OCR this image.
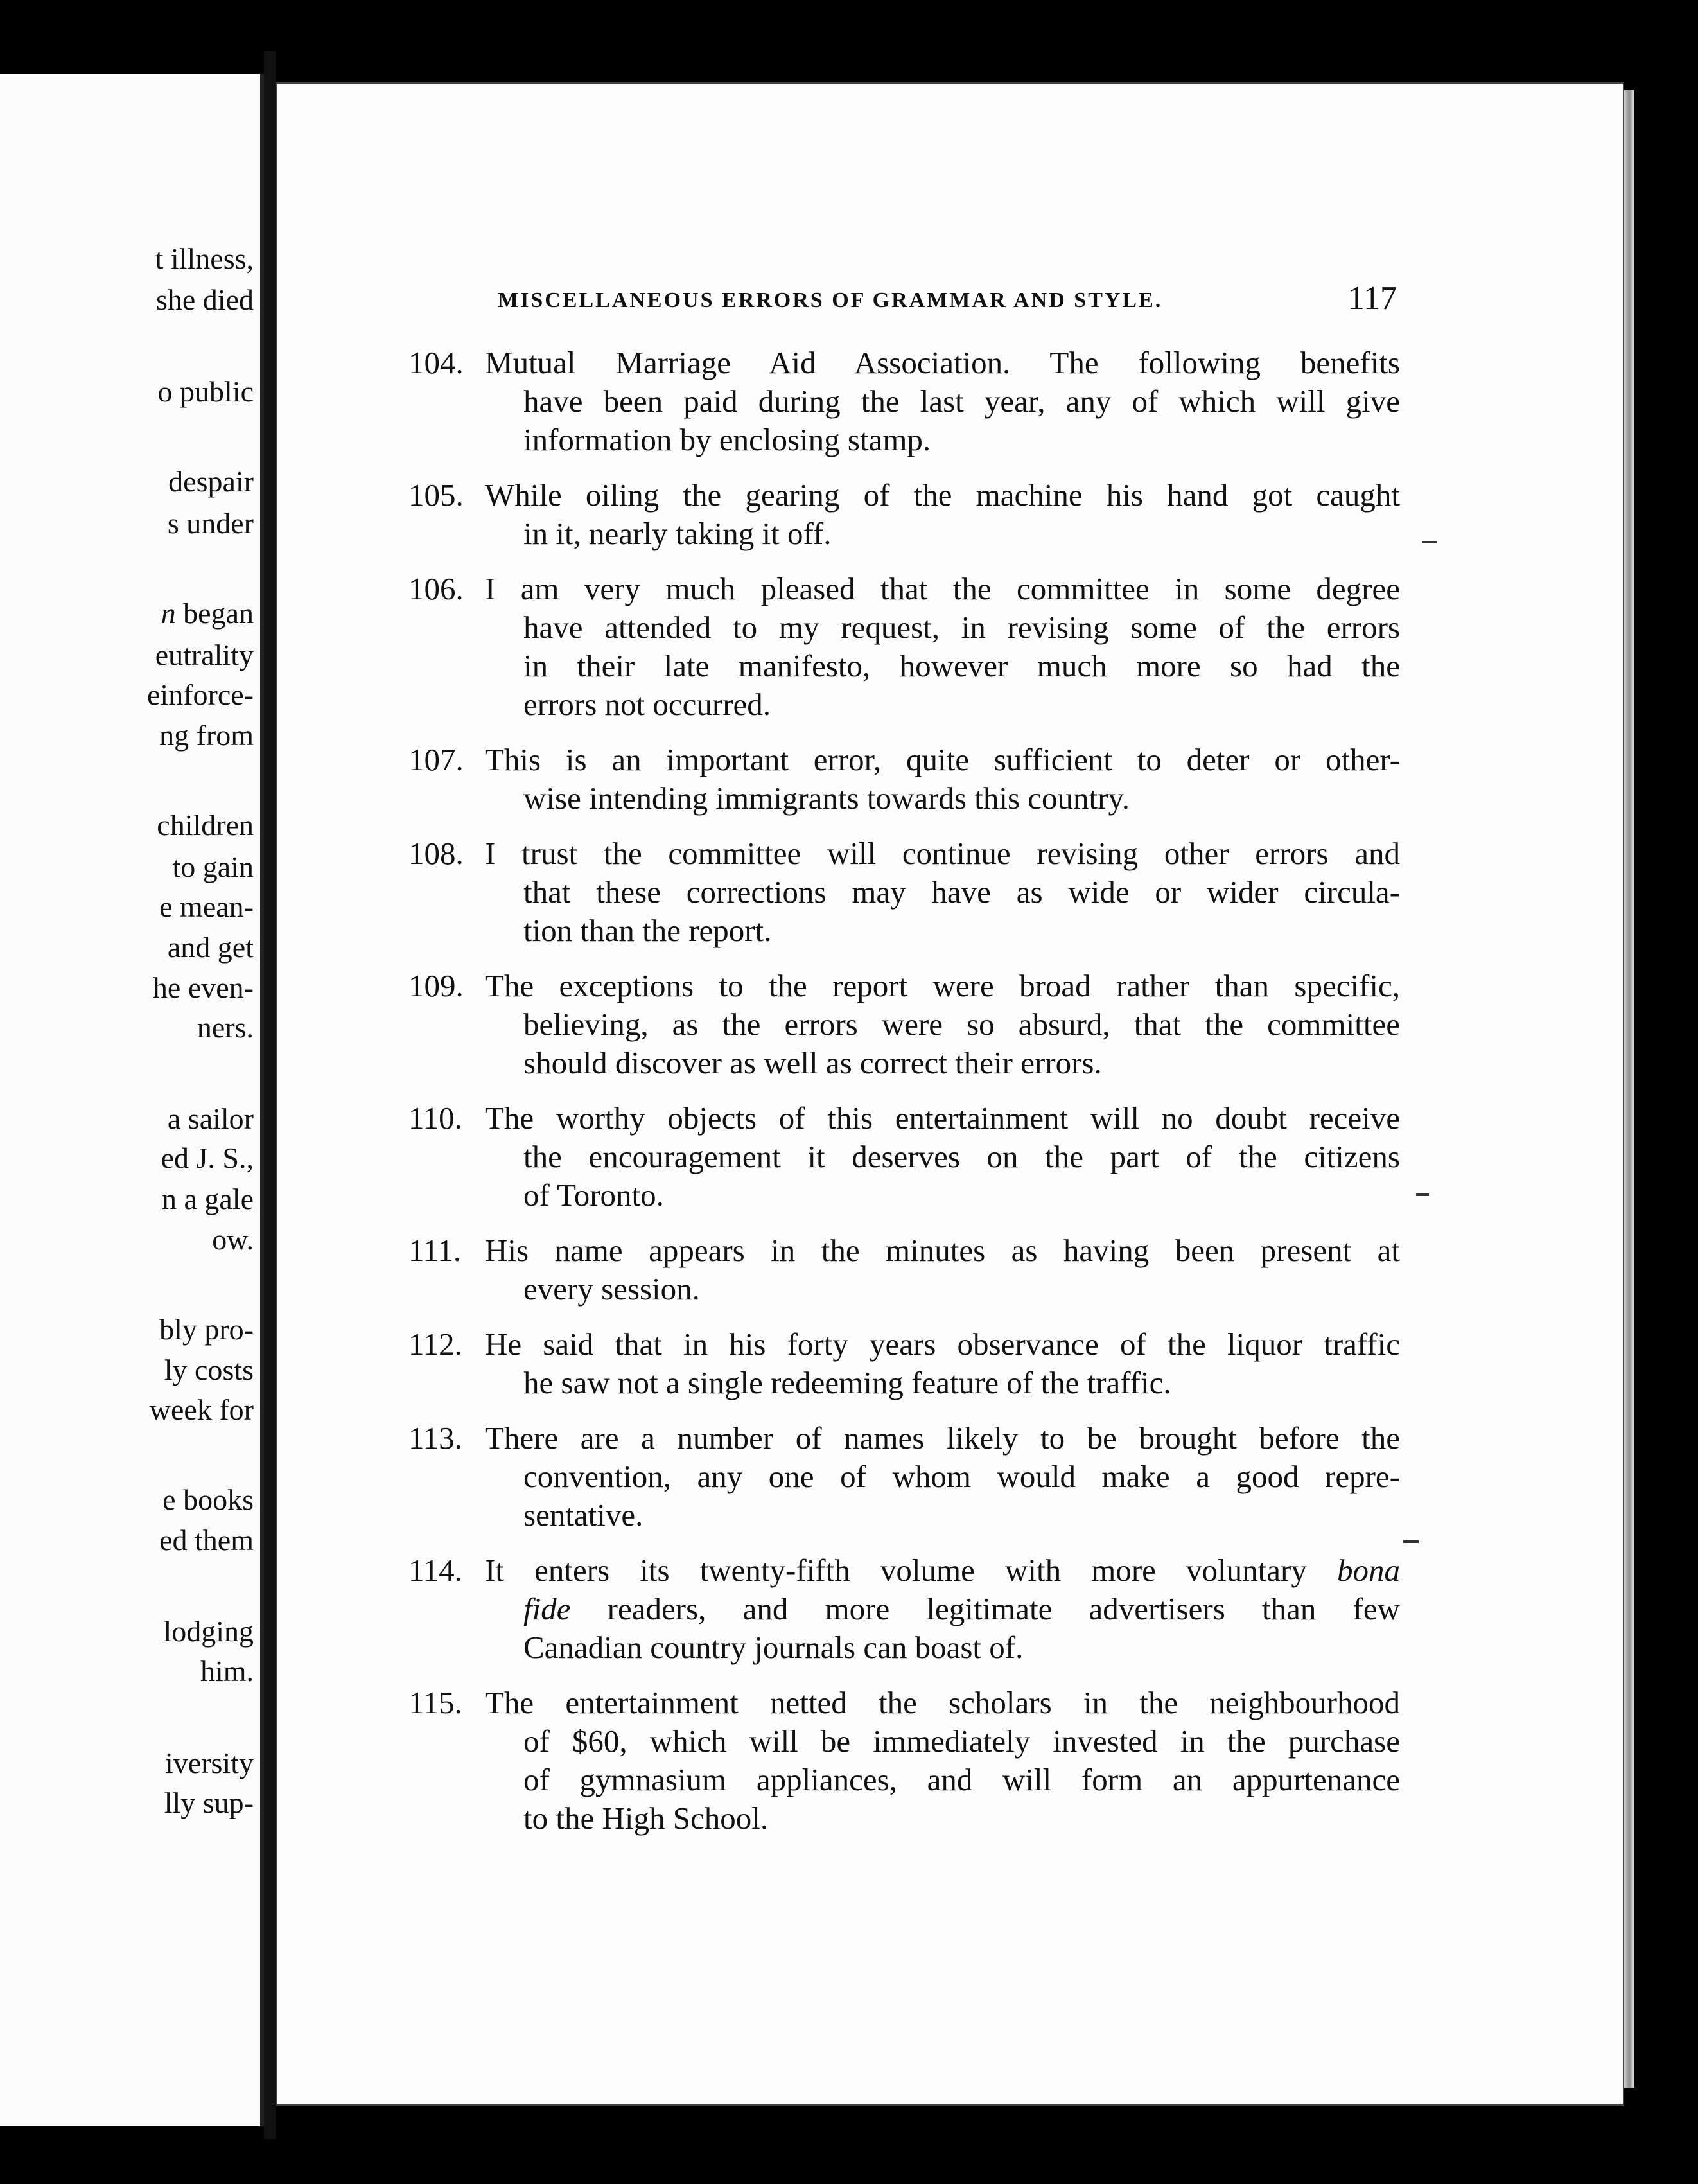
t illness,
she died
o public
despair
s under
n began
eutrality
einforce-
ng from
children
to gain
e mean-
and get
he even-
ners.
a sailor
ed J. S.,
n a gale
ow.
bly pro-
ly costs
week for
e books
ed them
lodging
him.
iversity
lly sup-
MISCELLANEOUS ERRORS OF GRAMMAR AND STYLE.	117
104. Mutual Marriage Aid Association. The following benefits
have been paid during the last year, any of which will give
information by enclosing stamp.
105. While oiling the gearing of the machine his hand got caught
in it, nearly taking it off.
106. I am very much pleased that the committee in some degree
have attended to my request, in revising some of the errors
in their late manifesto, however much more so had the
errors not occurred.
107. This is an important error, quite sufficient to deter or other-
wise intending immigrants towards this country.
108. I trust the committee will continue revising other errors and
that these corrections may have as wide or wider circula-
tion than the report.
109. The exceptions to the report were broad rather than specific,
believing, as the errors were so absurd, that the committee
should discover as well as correct their errors.
110. The worthy objects of this entertainment will no doubt receive
the encouragement it deserves on the part of the citizens
of Toronto.
111. His name appears in the minutes as having been present at
every session.
112. He said that in his forty years observance of the liquor traffic
he saw not a single redeeming feature of the traffic.
113. There are a number of names likely to be brought before the
convention, any one of whom would make a good repre-
sentative.
114. It enters its twenty-fifth volume with more voluntary bona
fide readers, and more legitimate advertisers than few
Canadian country journals can boast of.
115. The entertainment netted the scholars in the neighbourhood
of $60, which will be immediately invested in the purchase
of gymnasium appliances, and will form an appurtenance
to the High School.
